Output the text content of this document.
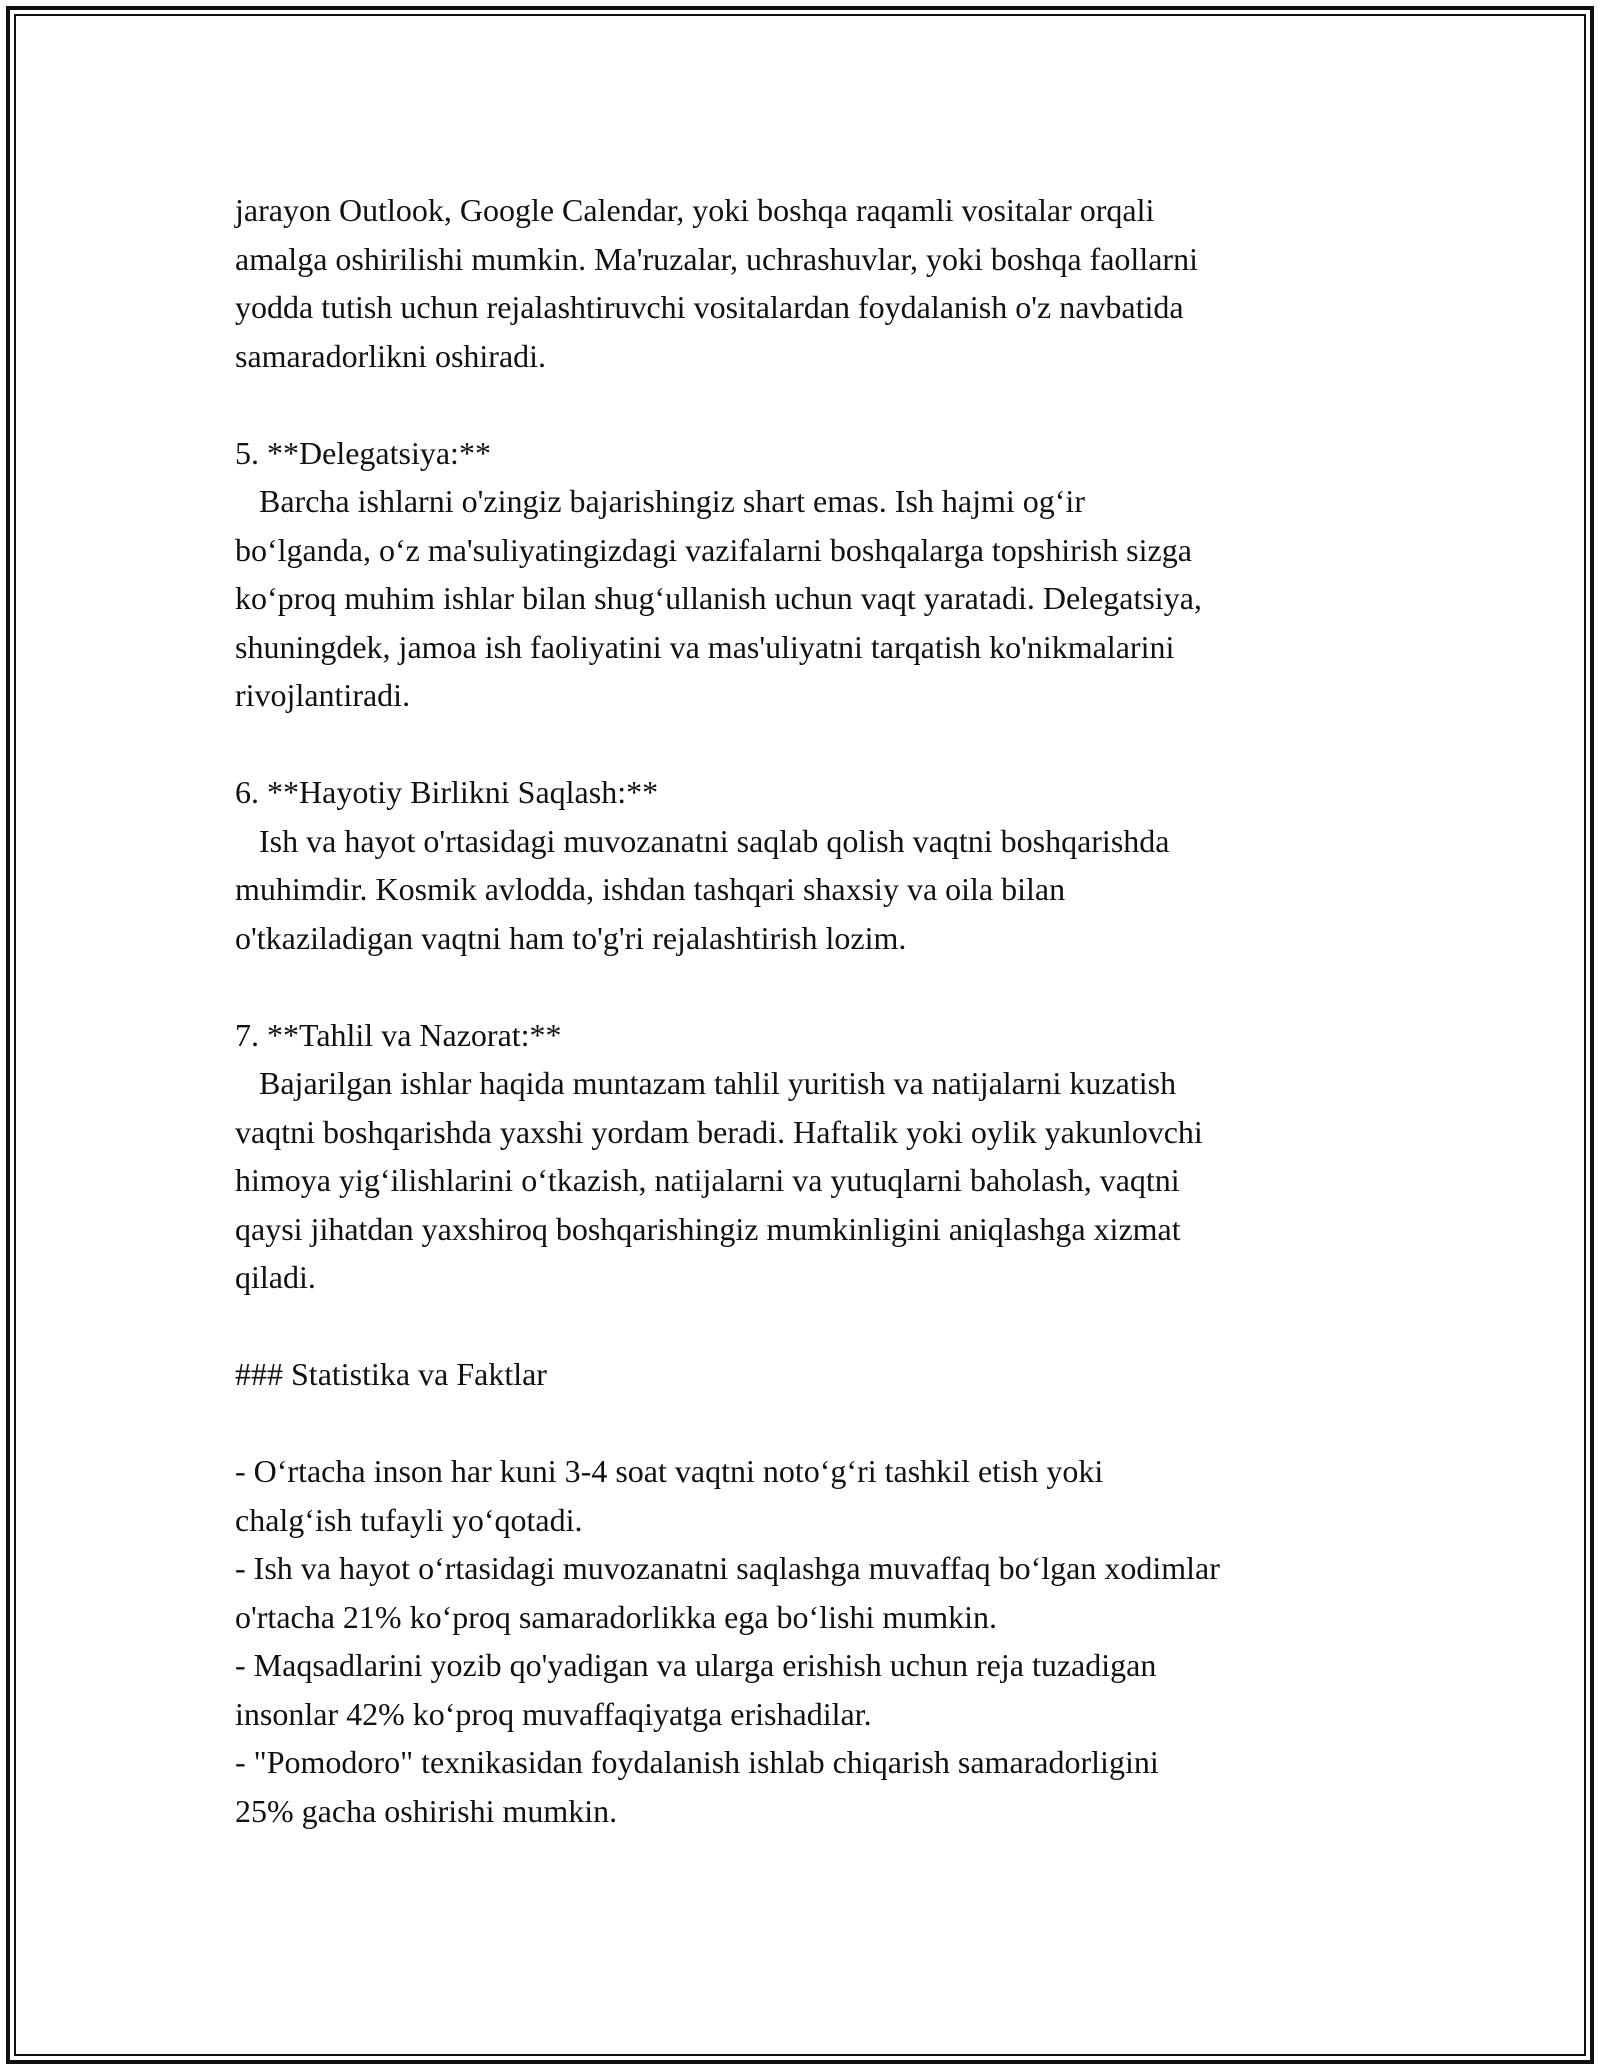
jarayon Outlook, Google Calendar, yoki boshqa raqamli vositalar orqali
amalga oshirilishi mumkin. Ma'ruzalar, uchrashuvlar, yoki boshqa faollarni
yodda tutish uchun rejalashtiruvchi vositalardan foydalanish o'z navbatida
samaradorlikni oshiradi.
5. **Delegatsiya:**
Barcha ishlarni o'zingiz bajarishingiz shart emas. Ish hajmi og‘ir
bo‘lganda, o‘z ma'suliyatingizdagi vazifalarni boshqalarga topshirish sizga
ko‘proq muhim ishlar bilan shug‘ullanish uchun vaqt yaratadi. Delegatsiya,
shuningdek, jamoa ish faoliyatini va mas'uliyatni tarqatish ko'nikmalarini
rivojlantiradi.
6. **Hayotiy Birlikni Saqlash:**
Ish va hayot o'rtasidagi muvozanatni saqlab qolish vaqtni boshqarishda
muhimdir. Kosmik avlodda, ishdan tashqari shaxsiy va oila bilan
o'tkaziladigan vaqtni ham to'g'ri rejalashtirish lozim.
7. **Tahlil va Nazorat:**
Bajarilgan ishlar haqida muntazam tahlil yuritish va natijalarni kuzatish
vaqtni boshqarishda yaxshi yordam beradi. Haftalik yoki oylik yakunlovchi
himoya yig‘ilishlarini o‘tkazish, natijalarni va yutuqlarni baholash, vaqtni
qaysi jihatdan yaxshiroq boshqarishingiz mumkinligini aniqlashga xizmat
qiladi.
### Statistika va Faktlar
- O‘rtacha inson har kuni 3-4 soat vaqtni noto‘g‘ri tashkil etish yoki
chalg‘ish tufayli yo‘qotadi.
- Ish va hayot o‘rtasidagi muvozanatni saqlashga muvaffaq bo‘lgan xodimlar
o'rtacha 21% ko‘proq samaradorlikka ega bo‘lishi mumkin.
- Maqsadlarini yozib qo'yadigan va ularga erishish uchun reja tuzadigan
insonlar 42% ko‘proq muvaffaqiyatga erishadilar.
- "Pomodoro" texnikasidan foydalanish ishlab chiqarish samaradorligini
25% gacha oshirishi mumkin.
